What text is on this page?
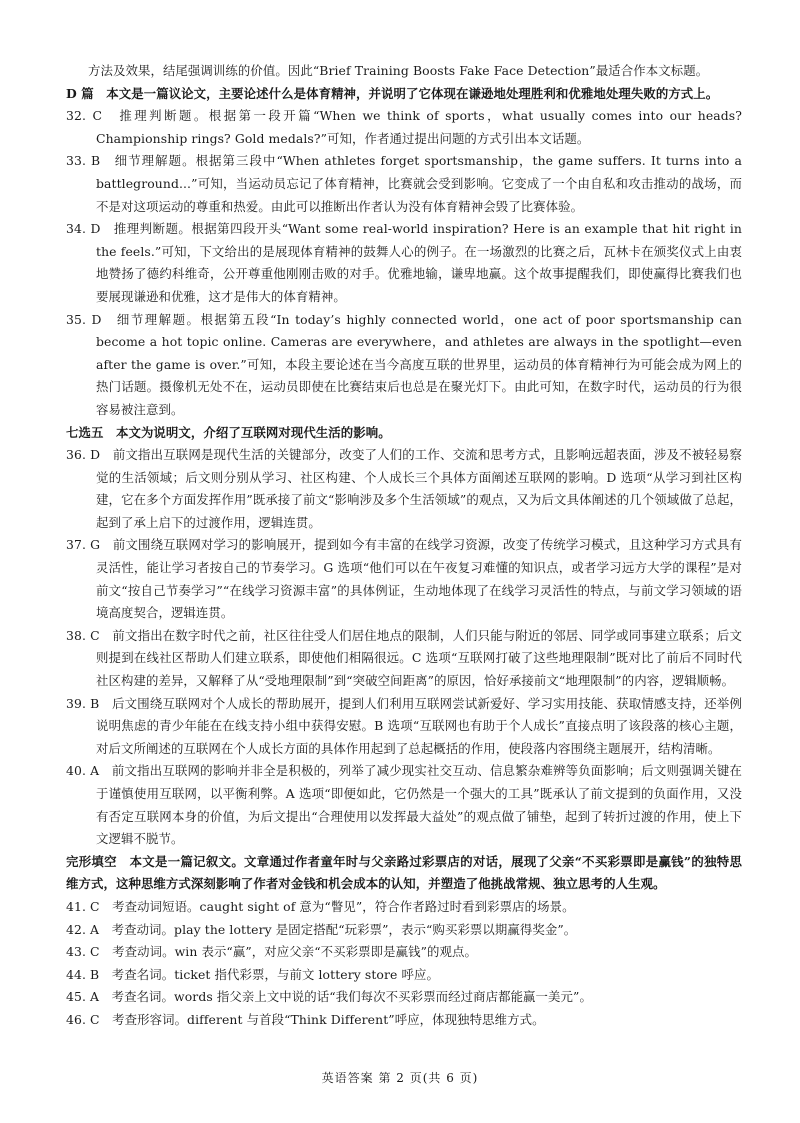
方法及效果，结尾强调训练的价值。因此“Brief Training Boosts Fake Face Detection”最适合作本文标题。

D 篇　本文是一篇议论文，主要论述什么是体育精神，并说明了它体现在谦逊地处理胜利和优雅地处理失败的方式上。

32. C　推理判断题。根据第一段开篇“When we think of sports，what usually comes into our heads? Championship rings? Gold medals?”可知，作者通过提出问题的方式引出本文话题。

33. B　细节理解题。根据第三段中“When athletes forget sportsmanship，the game suffers. It turns into a battleground...”可知，当运动员忘记了体育精神，比赛就会受到影响。它变成了一个由自私和攻击推动的战场，而不是对这项运动的尊重和热爱。由此可以推断出作者认为没有体育精神会毁了比赛体验。

34. D　推理判断题。根据第四段开头“Want some real-world inspiration? Here is an example that hit right in the feels.”可知，下文给出的是展现体育精神的鼓舞人心的例子。在一场激烈的比赛之后，瓦林卡在颁奖仪式上由衷地赞扬了德约科维奇，公开尊重他刚刚击败的对手。优雅地输，谦卑地赢。这个故事提醒我们，即使赢得比赛我们也要展现谦逊和优雅，这才是伟大的体育精神。

35. D　细节理解题。根据第五段“In today’s highly connected world，one act of poor sportsmanship can become a hot topic online. Cameras are everywhere，and athletes are always in the spotlight—even after the game is over.”可知，本段主要论述在当今高度互联的世界里，运动员的体育精神行为可能会成为网上的热门话题。摄像机无处不在，运动员即使在比赛结束后也总是在聚光灯下。由此可知，在数字时代，运动员的行为很容易被注意到。

七选五　本文为说明文，介绍了互联网对现代生活的影响。

36. D　前文指出互联网是现代生活的关键部分，改变了人们的工作、交流和思考方式，且影响远超表面，涉及不被轻易察觉的生活领域；后文则分别从学习、社区构建、个人成长三个具体方面阐述互联网的影响。D 选项“从学习到社区构建，它在多个方面发挥作用”既承接了前文“影响涉及多个生活领域”的观点，又为后文具体阐述的几个领域做了总起，起到了承上启下的过渡作用，逻辑连贯。

37. G　前文围绕互联网对学习的影响展开，提到如今有丰富的在线学习资源，改变了传统学习模式，且这种学习方式具有灵活性，能让学习者按自己的节奏学习。G 选项“他们可以在午夜复习难懂的知识点，或者学习远方大学的课程”是对前文“按自己节奏学习”“在线学习资源丰富”的具体例证，生动地体现了在线学习灵活性的特点，与前文学习领域的语境高度契合，逻辑连贯。

38. C　前文指出在数字时代之前，社区往往受人们居住地点的限制，人们只能与附近的邻居、同学或同事建立联系；后文则提到在线社区帮助人们建立联系，即使他们相隔很远。C 选项“互联网打破了这些地理限制”既对比了前后不同时代社区构建的差异，又解释了从“受地理限制”到“突破空间距离”的原因，恰好承接前文“地理限制”的内容，逻辑顺畅。

39. B　后文围绕互联网对个人成长的帮助展开，提到人们利用互联网尝试新爱好、学习实用技能、获取情感支持，还举例说明焦虑的青少年能在在线支持小组中获得安慰。B 选项“互联网也有助于个人成长”直接点明了该段落的核心主题，对后文所阐述的互联网在个人成长方面的具体作用起到了总起概括的作用，使段落内容围绕主题展开，结构清晰。

40. A　前文指出互联网的影响并非全是积极的，列举了减少现实社交互动、信息繁杂难辨等负面影响；后文则强调关键在于谨慎使用互联网，以平衡利弊。A 选项“即便如此，它仍然是一个强大的工具”既承认了前文提到的负面作用，又没有否定互联网本身的价值，为后文提出“合理使用以发挥最大益处”的观点做了铺垫，起到了转折过渡的作用，使上下文逻辑不脱节。

完形填空　本文是一篇记叙文。文章通过作者童年时与父亲路过彩票店的对话，展现了父亲“不买彩票即是赢钱”的独特思维方式，这种思维方式深刻影响了作者对金钱和机会成本的认知，并塑造了他挑战常规、独立思考的人生观。

41. C　考查动词短语。caught sight of 意为“瞥见”，符合作者路过时看到彩票店的场景。

42. A　考查动词。play the lottery 是固定搭配“玩彩票”，表示“购买彩票以期赢得奖金”。

43. C　考查动词。win 表示“赢”，对应父亲“不买彩票即是赢钱”的观点。

44. B　考查名词。ticket 指代彩票，与前文 lottery store 呼应。

45. A　考查名词。words 指父亲上文中说的话“我们每次不买彩票而经过商店都能赢一美元”。

46. C　考查形容词。different 与首段“Think Different”呼应，体现独特思维方式。

英语答案 第 2 页(共 6 页)
